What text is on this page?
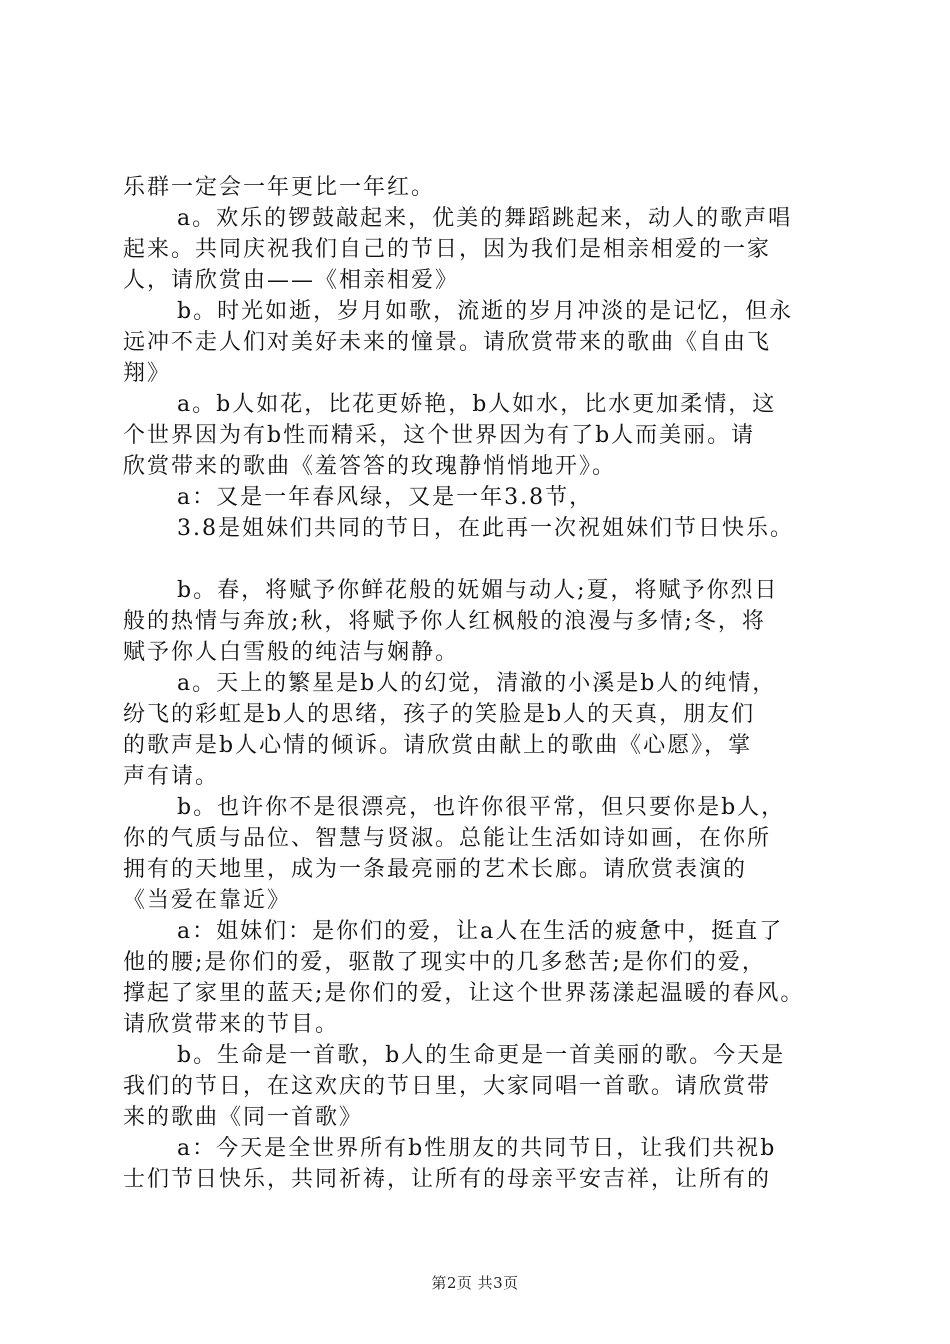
乐群一定会一年更比一年红。
a。欢乐的锣鼓敲起来，优美的舞蹈跳起来，动人的歌声唱
起来。共同庆祝我们自己的节日，因为我们是相亲相爱的一家
人，请欣赏由——《相亲相爱》
b。时光如逝，岁月如歌，流逝的岁月冲淡的是记忆，但永
远冲不走人们对美好未来的憧景。请欣赏带来的歌曲《自由飞
翔》
a。b人如花，比花更娇艳，b人如水，比水更加柔情，这
个世界因为有b性而精采，这个世界因为有了b人而美丽。请
欣赏带来的歌曲《羞答答的玫瑰静悄悄地开》。
a：又是一年春风绿，又是一年3.8节，
3.8是姐妹们共同的节日，在此再一次祝姐妹们节日快乐。
b。春，将赋予你鲜花般的妩媚与动人;夏，将赋予你烈日
般的热情与奔放;秋，将赋予你人红枫般的浪漫与多情;冬，将
赋予你人白雪般的纯洁与娴静。
a。天上的繁星是b人的幻觉，清澈的小溪是b人的纯情，
纷飞的彩虹是b人的思绪，孩子的笑脸是b人的天真，朋友们
的歌声是b人心情的倾诉。请欣赏由献上的歌曲《心愿》，掌
声有请。
b。也许你不是很漂亮，也许你很平常，但只要你是b人，
你的气质与品位、智慧与贤淑。总能让生活如诗如画，在你所
拥有的天地里，成为一条最亮丽的艺术长廊。请欣赏表演的
《当爱在靠近》
a：姐妹们：是你们的爱，让a人在生活的疲惫中，挺直了
他的腰;是你们的爱，驱散了现实中的几多愁苦;是你们的爱，
撑起了家里的蓝天;是你们的爱，让这个世界荡漾起温暖的春风。
请欣赏带来的节目。
b。生命是一首歌，b人的生命更是一首美丽的歌。今天是
我们的节日，在这欢庆的节日里，大家同唱一首歌。请欣赏带
来的歌曲《同一首歌》
a：今天是全世界所有b性朋友的共同节日，让我们共祝b
士们节日快乐，共同祈祷，让所有的母亲平安吉祥，让所有的
第2页 共3页
